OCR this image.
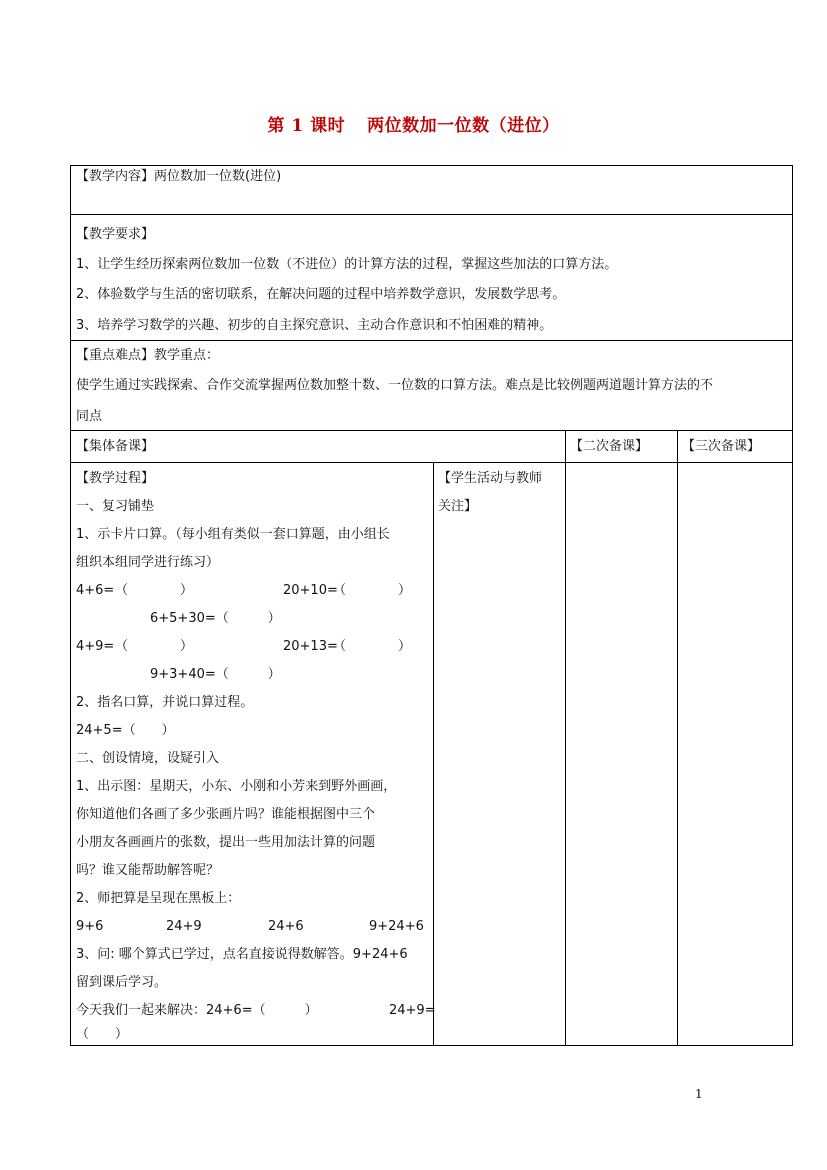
第 1 课时 两位数加一位数（进位）
【教学内容】两位数加一位数(进位)
【教学要求】
1、让学生经历探索两位数加一位数（不进位）的计算方法的过程，掌握这些加法的口算方法。
2、体验数学与生活的密切联系，在解决问题的过程中培养数学意识，发展数学思考。
3、培养学习数学的兴趣、初步的自主探究意识、主动合作意识和不怕困难的精神。
【重点难点】教学重点：
使学生通过实践探索、合作交流掌握两位数加整十数、一位数的口算方法。难点是比较例题两道题计算方法的不
同点
【集体备课】	【二次备课】	【三次备课】
【教学过程】
一、复习铺垫
1、示卡片口算。（每小组有类似一套口算题，由小组长
组织本组同学进行练习）
4+6= （　　　　）	20+10=
（　　　　）
6+5+30=（　　　）
4+9= （　　　　）	20+13=
（　　　　）
9+3+40=（　　　）
2、指名口算，并说口算过程。
24+5=（　　）
二、创设情境，设疑引入
1、出示图：星期天，小东、小刚和小芳来到野外画画，
你知道他们各画了多少张画片吗？谁能根据图中三个
小朋友各画画片的张数，提出一些用加法计算的问题
吗？谁又能帮助解答呢？
2、师把算是呈现在黑板上：
9+6	24+9	24+6	9+24+6
3、问: 哪个算式已学过，点名直接说得数解答。9+24+6
留到课后学习。
今天我们一起来解决：24+6=（　　　）	24+9=
（　　）
【学生活动与教师
关注】
1
